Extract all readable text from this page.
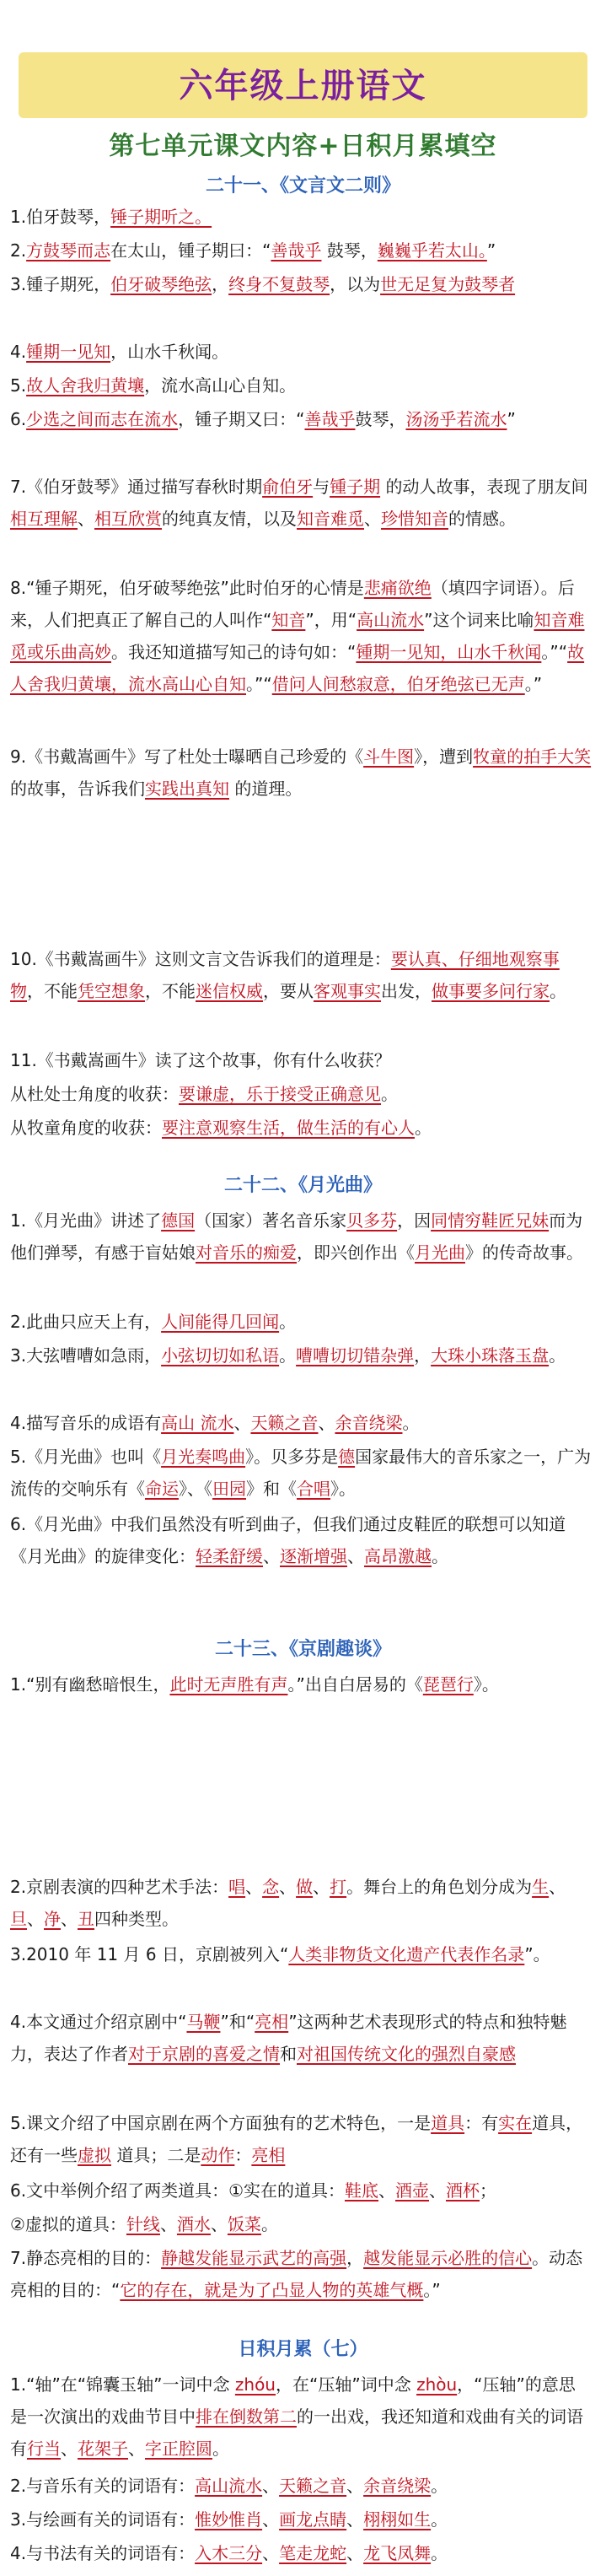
六年级上册语文
第七单元课文内容+日积月累填空
二十一、《文言文二则》
1.伯牙鼓琴，锤子期听之。
2.方鼓琴而志在太山，锺子期曰：“善哉乎 鼓琴，巍巍乎若太山。”
3.锺子期死，伯牙破琴绝弦，终身不复鼓琴，以为世无足复为鼓琴者
4.锺期一见知，山水千秋闻。
5.故人舍我归黄壤，流水高山心自知。
6.少选之间而志在流水，锺子期又曰：“善哉乎鼓琴，汤汤乎若流水”
7.《伯牙鼓琴》通过描写春秋时期俞伯牙与锺子期 的动人故事，表现了朋友间相互理解、相互欣赏的纯真友情，以及知音难觅、珍惜知音的情感。
8.“锺子期死，伯牙破琴绝弦”此时伯牙的心情是悲痛欲绝（填四字词语）。后来，人们把真正了解自己的人叫作“知音”，用“高山流水”这个词来比喻知音难觅或乐曲高妙。我还知道描写知己的诗句如：“锺期一见知，山水千秋闻。”“故人舍我归黄壤，流水高山心自知。”“借问人间愁寂意，伯牙绝弦已无声。”
9.《书戴嵩画牛》写了杜处士曝晒自己珍爱的《斗牛图》，遭到牧童的拍手大笑的故事，告诉我们实践出真知 的道理。
10.《书戴嵩画牛》这则文言文告诉我们的道理是：要认真、仔细地观察事物，不能凭空想象，不能迷信权威，要从客观事实出发，做事要多问行家。
11.《书戴嵩画牛》读了这个故事，你有什么收获？
从杜处士角度的收获：要谦虚，乐于接受正确意见。
从牧童角度的收获：要注意观察生活，做生活的有心人。
二十二、《月光曲》
1.《月光曲》讲述了德国（国家）著名音乐家贝多芬，因同情穷鞋匠兄妹而为他们弹琴，有感于盲姑娘对音乐的痴爱，即兴创作出《月光曲》的传奇故事。
2.此曲只应天上有，人间能得几回闻。
3.大弦嘈嘈如急雨，小弦切切如私语。嘈嘈切切错杂弹，大珠小珠落玉盘。
4.描写音乐的成语有高山 流水、天籁之音、余音绕梁。
5.《月光曲》也叫《月光奏鸣曲》。贝多芬是德国家最伟大的音乐家之一，广为流传的交响乐有《命运》、《田园》和《合唱》。
6.《月光曲》中我们虽然没有听到曲子，但我们通过皮鞋匠的联想可以知道《月光曲》的旋律变化：轻柔舒缓、逐渐增强、高昂激越。
二十三、《京剧趣谈》
1.“别有幽愁暗恨生，此时无声胜有声。”出自白居易的《琵琶行》。
2.京剧表演的四种艺术手法：唱、念、做、打。舞台上的角色划分成为生、旦、净、丑四种类型。
3.2010 年 11 月 6 日，京剧被列入“人类非物货文化遗产代表作名录”。
4.本文通过介绍京剧中“马鞭”和“亮相”这两种艺术表现形式的特点和独特魅力，表达了作者对于京剧的喜爱之情和对祖国传统文化的强烈自豪感
5.课文介绍了中国京剧在两个方面独有的艺术特色，一是道具：有实在道具，还有一些虚拟 道具；二是动作：亮相
6.文中举例介绍了两类道具：①实在的道具：鞋底、酒壶、酒杯；
②虚拟的道具：针线、酒水、饭菜。
7.静态亮相的目的：静越发能显示武艺的高强，越发能显示必胜的信心。动态亮相的目的：“它的存在，就是为了凸显人物的英雄气概。”
日积月累（七）
1.“轴”在“锦囊玉轴”一词中念 zhóu，在“压轴”词中念 zhòu，“压轴”的意思是一次演出的戏曲节目中排在倒数第二的一出戏，我还知道和戏曲有关的词语有行当、花架子、字正腔圆。
2.与音乐有关的词语有：高山流水、天籁之音、余音绕梁。
3.与绘画有关的词语有：惟妙惟肖、画龙点睛、栩栩如生。
4.与书法有关的词语有：入木三分、笔走龙蛇、龙飞凤舞。
